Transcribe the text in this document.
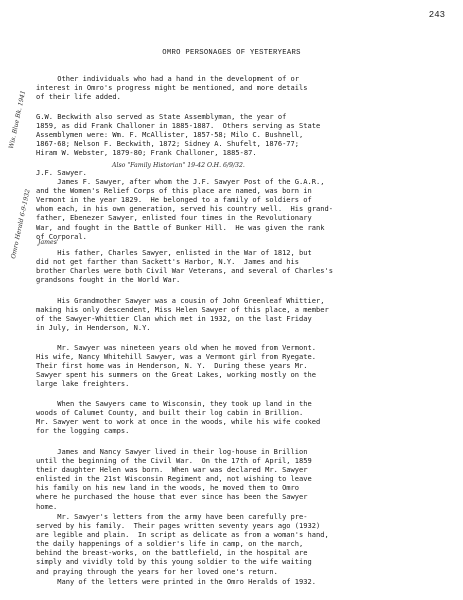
243
OMRO PERSONAGES OF YESTERYEARS
Other individuals who had a hand in the development of or
interest in Omro's progress might be mentioned, and more details
of their life added.
G.W. Beckwith also served as State Assemblyman, the year of
1859, as did Frank Challoner in 1885-1887.  Others serving as State
Assemblymen were: Wm. F. McAllister, 1857-58; Milo C. Bushnell,
1867-68; Nelson F. Beckwith, 1872; Sidney A. Shufelt, 1876-77;
Hiram W. Webster, 1879-80; Frank Challoner, 1885-87.
J.F. Sawyer.
James F. Sawyer, after whom the J.F. Sawyer Post of the G.A.R.,
and the Women's Relief Corps of this place are named, was born in
Vermont in the year 1829.  He belonged to a family of soldiers of
whom each, in his own generation, served his country well.  His grand-
father, Ebenezer Sawyer, enlisted four times in the Revolutionary
War, and fought in the Battle of Bunker Hill.  He was given the rank
of Corporal.
His father, Charles Sawyer, enlisted in the War of 1812, but
did not get farther than Sackett's Harbor, N.Y.  James and his
brother Charles were both Civil War Veterans, and several of Charles's
grandsons fought in the World War.
His Grandmother Sawyer was a cousin of John Greenleaf Whittier,
making his only descendent, Miss Helen Sawyer of this place, a member
of the Sawyer-Whittier Clan which met in 1932, on the last Friday
in July, in Henderson, N.Y.
Mr. Sawyer was nineteen years old when he moved from Vermont.
His wife, Nancy Whitehill Sawyer, was a Vermont girl from Ryegate.
Their first home was in Henderson, N. Y.  During these years Mr.
Sawyer spent his summers on the Great Lakes, working mostly on the
large lake freighters.
When the Sawyers came to Wisconsin, they took up land in the
woods of Calumet County, and built their log cabin in Brillion.
Mr. Sawyer went to work at once in the woods, while his wife cooked
for the logging camps.
James and Nancy Sawyer lived in their log-house in Brillion
until the beginning of the Civil War.  On the 17th of April, 1859
their daughter Helen was born.  When war was declared Mr. Sawyer
enlisted in the 21st Wisconsin Regiment and, not wishing to leave
his family on his new land in the woods, he moved them to Omro
where he purchased the house that ever since has been the Sawyer
home.
Mr. Sawyer's letters from the army have been carefully pre-
served by his family.  Their pages written seventy years ago (1932)
are legible and plain.  In script as delicate as from a woman's hand,
the daily happenings of a soldier's life in camp, on the march,
behind the breast-works, on the battlefield, in the hospital are
simply and vividly told by this young soldier to the wife waiting
and praying through the years for her loved one's return.
Many of the letters were printed in the Omro Heralds of 1932.
Wis. Blue Bk. 1941
Omro Herald 6-9-1932
Also "Family Historian" 19-42 O.H. 6/9/32.
James'
